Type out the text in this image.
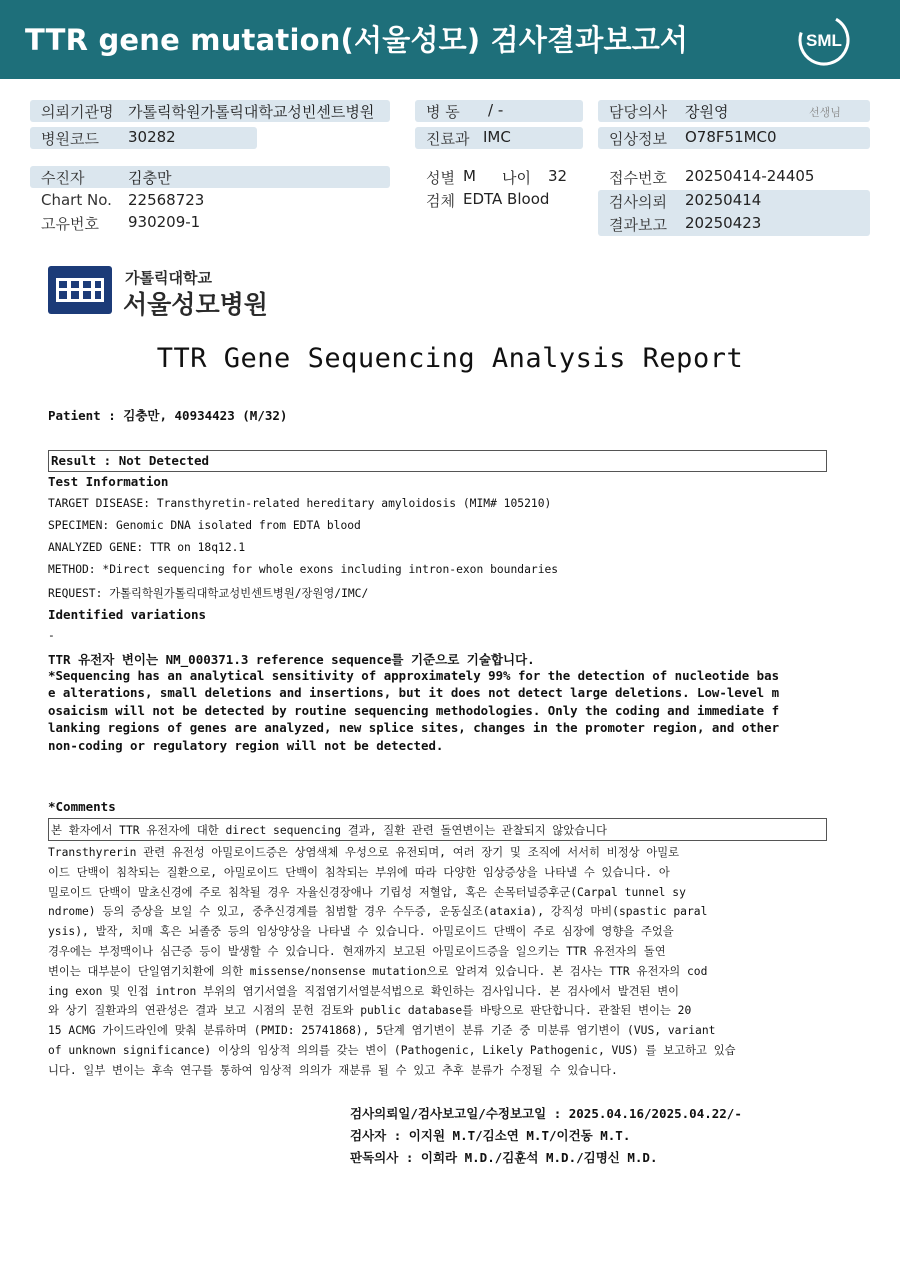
TTR gene mutation(서울성모) 검사결과보고서	SML
의뢰기관명 가톨릭학원가톨릭대학교성빈센트병원
병원코드 30282
병 동 / -
진료과 IMC
담당의사 장원영	선생님
임상정보 O78F51MC0
수진자	김충만
Chart No. 22568723
고유번호 930209-1
성별 M 나이 32
검체 EDTA Blood
접수번호 20250414-24405
검사의뢰 20250414
결과보고 20250423
가톨릭대학교
서울성모병원
TTR Gene Sequencing Analysis Report
Patient : 김충만, 40934423 (M/32)
Result : Not Detected
Test Information
TARGET DISEASE: Transthyretin-related hereditary amyloidosis (MIM# 105210)
SPECIMEN: Genomic DNA isolated from EDTA blood
ANALYZED GENE: TTR on 18q12.1
METHOD: *Direct sequencing for whole exons including intron-exon boundaries
REQUEST: 가톨릭학원가톨릭대학교성빈센트병원/장원영/IMC/
Identified variations
-
TTR 유전자 변이는 NM_000371.3 reference sequence를 기준으로 기술합니다.
*Sequencing has an analytical sensitivity of approximately 99% for the detection of nucleotide bas
e alterations, small deletions and insertions, but it does not detect large deletions. Low-level m
osaicism will not be detected by routine sequencing methodologies. Only the coding and immediate f
lanking regions of genes are analyzed, new splice sites, changes in the promoter region, and other
non-coding or regulatory region will not be detected.
*Comments
본 환자에서 TTR 유전자에 대한 direct sequencing 결과, 질환 관련 돌연변이는 관찰되지 않았습니다
Transthyrerin 관련 유전성 아밀로이드증은 상염색체 우성으로 유전되며, 여러 장기 및 조직에 서서히 비정상 아밀로
이드 단백이 침착되는 질환으로, 아밀로이드 단백이 침착되는 부위에 따라 다양한 임상증상을 나타낼 수 있습니다. 아
밀로이드 단백이 말초신경에 주로 침착될 경우 자율신경장애나 기립성 저혈압, 혹은 손목터널증후군(Carpal tunnel sy
ndrome) 등의 증상을 보일 수 있고, 중추신경계를 침범할 경우 수두증, 운동실조(ataxia), 강직성 마비(spastic paral
ysis), 발작, 치매 혹은 뇌졸중 등의 임상양상을 나타낼 수 있습니다. 아밀로이드 단백이 주로 심장에 영향을 주었을
경우에는 부정맥이나 심근증 등이 발생할 수 있습니다. 현재까지 보고된 아밀로이드증을 일으키는 TTR 유전자의 돌연
변이는 대부분이 단일염기치환에 의한 missense/nonsense mutation으로 알려져 있습니다. 본 검사는 TTR 유전자의 cod
ing exon 및 인접 intron 부위의 염기서열을 직접염기서열분석법으로 확인하는 검사입니다. 본 검사에서 발견된 변이
와 상기 질환과의 연관성은 결과 보고 시점의 문헌 검토와 public database를 바탕으로 판단합니다. 관찰된 변이는 20
15 ACMG 가이드라인에 맞춰 분류하며 (PMID: 25741868), 5단계 염기변이 분류 기준 중 미분류 염기변이 (VUS, variant
of unknown significance) 이상의 임상적 의의를 갖는 변이 (Pathogenic, Likely Pathogenic, VUS) 를 보고하고 있습
니다. 일부 변이는 후속 연구를 통하여 임상적 의의가 재분류 될 수 있고 추후 분류가 수정될 수 있습니다.
검사의뢰일/검사보고일/수정보고일 : 2025.04.16/2025.04.22/-
검사자 : 이지원 M.T/김소연 M.T/이건동 M.T.
판독의사 : 이희라 M.D./김훈석 M.D./김명신 M.D.
